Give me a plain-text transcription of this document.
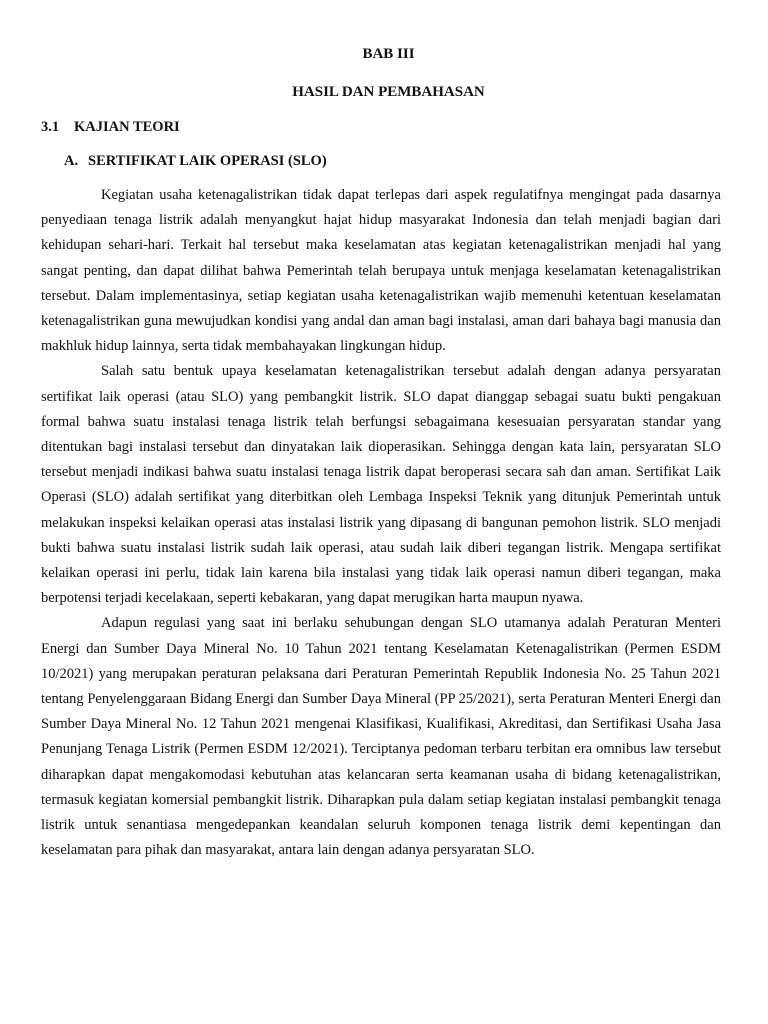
BAB III
HASIL DAN PEMBAHASAN
3.1 KAJIAN TEORI
A. SERTIFIKAT LAIK OPERASI (SLO)

Kegiatan usaha ketenagalistrikan tidak dapat terlepas dari aspek regulatifnya mengingat pada dasarnya penyediaan tenaga listrik adalah menyangkut hajat hidup masyarakat Indonesia dan telah menjadi bagian dari kehidupan sehari-hari. Terkait hal tersebut maka keselamatan atas kegiatan ketenagalistrikan menjadi hal yang sangat penting, dan dapat dilihat bahwa Pemerintah telah berupaya untuk menjaga keselamatan ketenagalistrikan tersebut. Dalam implementasinya, setiap kegiatan usaha ketenagalistrikan wajib memenuhi ketentuan keselamatan ketenagalistrikan guna mewujudkan kondisi yang andal dan aman bagi instalasi, aman dari bahaya bagi manusia dan makhluk hidup lainnya, serta tidak membahayakan lingkungan hidup.

Salah satu bentuk upaya keselamatan ketenagalistrikan tersebut adalah dengan adanya persyaratan sertifikat laik operasi (atau SLO) yang pembangkit listrik. SLO dapat dianggap sebagai suatu bukti pengakuan formal bahwa suatu instalasi tenaga listrik telah berfungsi sebagaimana kesesuaian persyaratan standar yang ditentukan bagi instalasi tersebut dan dinyatakan laik dioperasikan. Sehingga dengan kata lain, persyaratan SLO tersebut menjadi indikasi bahwa suatu instalasi tenaga listrik dapat beroperasi secara sah dan aman. Sertifikat Laik Operasi (SLO) adalah sertifikat yang diterbitkan oleh Lembaga Inspeksi Teknik yang ditunjuk Pemerintah untuk melakukan inspeksi kelaikan operasi atas instalasi listrik yang dipasang di bangunan pemohon listrik. SLO menjadi bukti bahwa suatu instalasi listrik sudah laik operasi, atau sudah laik diberi tegangan listrik. Mengapa sertifikat kelaikan operasi ini perlu, tidak lain karena bila instalasi yang tidak laik operasi namun diberi tegangan, maka berpotensi terjadi kecelakaan, seperti kebakaran, yang dapat merugikan harta maupun nyawa.

Adapun regulasi yang saat ini berlaku sehubungan dengan SLO utamanya adalah Peraturan Menteri Energi dan Sumber Daya Mineral No. 10 Tahun 2021 tentang Keselamatan Ketenagalistrikan (Permen ESDM 10/2021) yang merupakan peraturan pelaksana dari Peraturan Pemerintah Republik Indonesia No. 25 Tahun 2021 tentang Penyelenggaraan Bidang Energi dan Sumber Daya Mineral (PP 25/2021), serta Peraturan Menteri Energi dan Sumber Daya Mineral No. 12 Tahun 2021 mengenai Klasifikasi, Kualifikasi, Akreditasi, dan Sertifikasi Usaha Jasa Penunjang Tenaga Listrik (Permen ESDM 12/2021). Terciptanya pedoman terbaru terbitan era omnibus law tersebut diharapkan dapat mengakomodasi kebutuhan atas kelancaran serta keamanan usaha di bidang ketenagalistrikan, termasuk kegiatan komersial pembangkit listrik. Diharapkan pula dalam setiap kegiatan instalasi pembangkit tenaga listrik untuk senantiasa mengedepankan keandalan seluruh komponen tenaga listrik demi kepentingan dan keselamatan para pihak dan masyarakat, antara lain dengan adanya persyaratan SLO.
